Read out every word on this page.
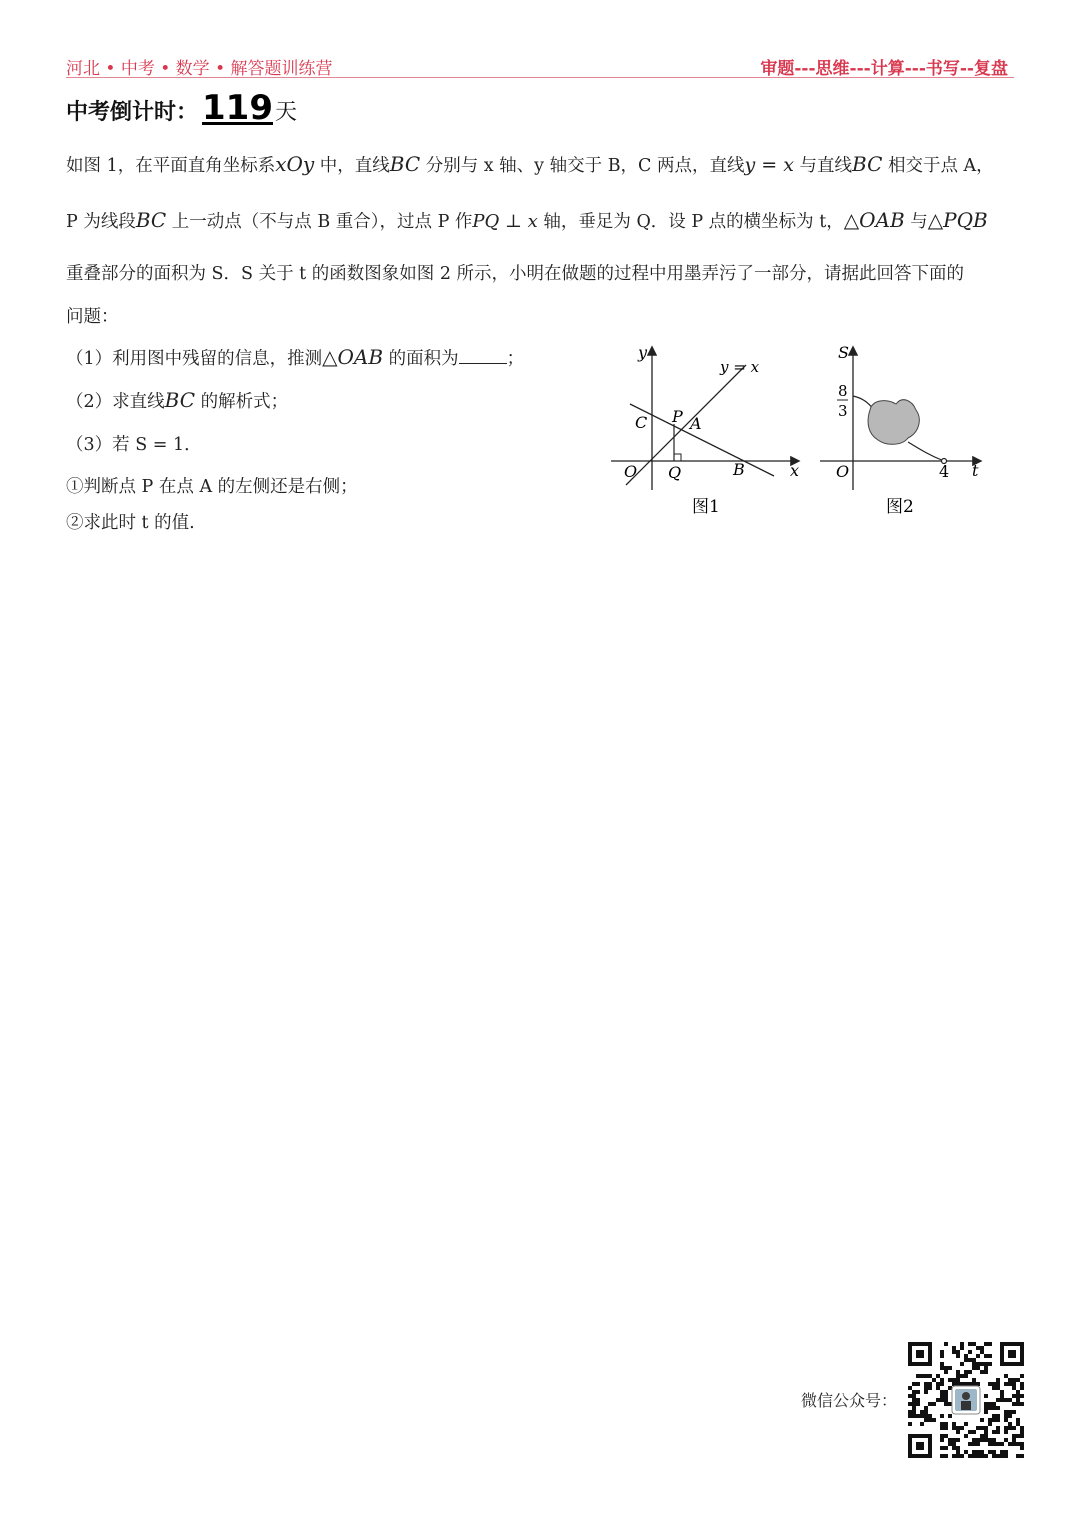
河北 • 中考 • 数学 • 解答题训练营	审题---思维---计算---书写--复盘
中考倒计时： 119天
如图 1，在平面直角坐标系xOy 中，直线BC 分别与 x 轴、y 轴交于 B，C 两点，直线y = x 与直线BC 相交于点 A，
P 为线段BC 上一动点（不与点 B 重合），过点 P 作PQ ⊥ x 轴，垂足为 Q．设 P 点的横坐标为 t，△OAB 与△PQB
重叠部分的面积为 S．S 关于 t 的函数图象如图 2 所示，小明在做题的过程中用墨弄污了一部分，请据此回答下面的
问题：
（1）利用图中残留的信息，推测△OAB 的面积为	；
（2）求直线BC 的解析式；
（3）若 S = 1．
①判断点 P 在点 A 的左侧还是右侧；
②求此时 t 的值.
y
x
y = x
O
C P A
Q	B
图1
S
t
O
8
3
4
图2
微信公众号：
